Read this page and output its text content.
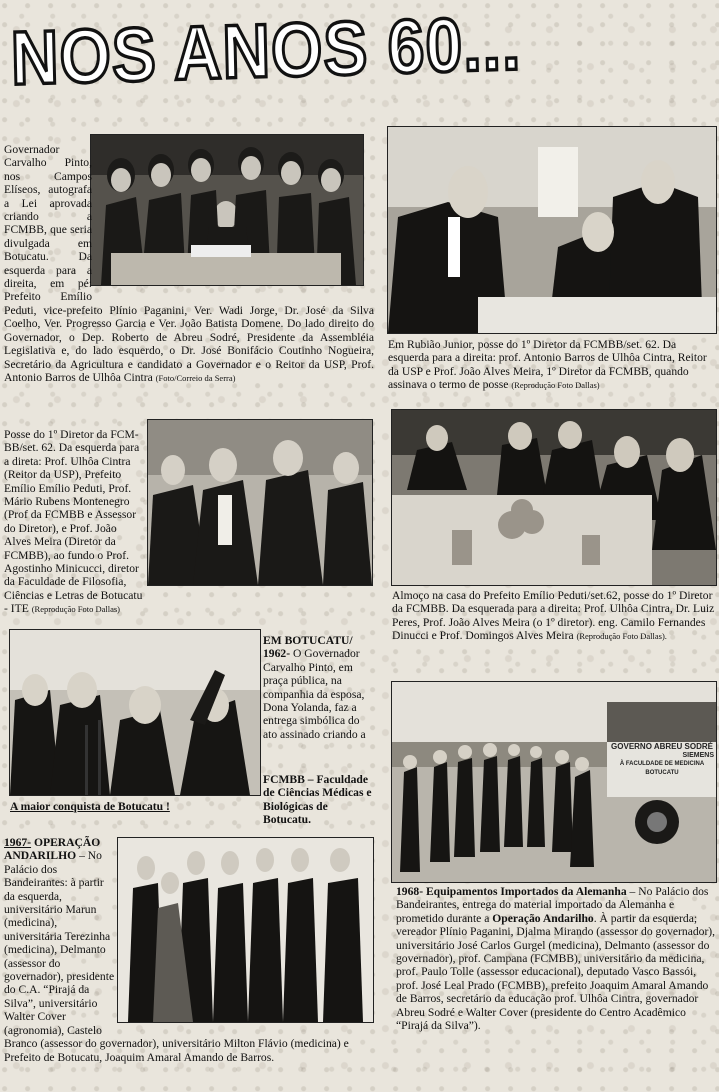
NOS ANOS 60...
GOVERNO ABREU SODRÉ
SIEMENS
À FACULDADE DE MEDICINA
BOTUCATU
Governador Carvalho Pinto, nos Campos Elíseos, autografa a Lei aprovada criando a FCMBB, que seria divulgada em Botucatu. Da esquerda para a direita, em pé: Prefeito Emílio Peduti, vice-prefeito Plínio Paganini, Ver. Wadi Jorge, Dr. José da Silva Coelho, Ver. Progresso Garcia e Ver. João Batista Domene. Do lado direito do Governador, o Dep. Roberto de Abreu Sodré, Presidente da Assembléia Legislativa e, do lado esquerdo, o Dr. José Bonifácio Coutinho Nogueira, Secretário da Agricultura e candidato a Governador e o Reitor da USP, Prof. Antonio Barros de Ulhôa Cintra (Foto/Correio da Serra)
Em Rubião Junior, posse do 1º Diretor da FCMBB/set. 62. Da esquerda para a direita: prof. Antonio Barros de Ulhôa Cintra, Reitor da USP e Prof. João Alves Meira, 1º Diretor da FCMBB, quando assinava o termo de posse (Reprodução Foto Dallas)
Posse do 1º Diretor da FCM-BB/set. 62. Da esquerda para a direta: Prof. Ulhôa Cintra (Reitor da USP), Prefeito Emílio Emílio Peduti, Prof. Mário Rubens Montenegro (Prof da FCMBB e Assessor do Diretor), e Prof. João Alves Meira (Diretor da FCMBB), ao fundo o Prof. Agostinho Minicucci, diretor da Faculdade de Filosofia, Ciências e Letras de Botucatu - ITE (Reprodução Foto Dallas)
Almoço na casa do Prefeito Emílio Peduti/set.62, posse do 1º Diretor da FCMBB. Da esquerada para a direita: Prof. Ulhôa Cintra, Dr. Luiz Peres, Prof. João Alves Meira (o 1º diretor). eng. Camilo Fernandes Dinucci e Prof. Domingos Alves Meira (Reprodução Foto Dallas).
EM BOTUCATU/ 1962- O Governador Carvalho Pinto, em praça pública, na companhia da esposa, Dona Yolanda, faz a entrega simbólica do ato assinado criando a
FCMBB – Faculdade de Ciências Médicas e Biológicas de Botucatu.
A maior conquista de Botucatu !
1967- OPERAÇÃO ANDARILHO – No Palácio dos Bandeirantes: à partir da esquerda, universitário Marun (medicina), universitária Terezinha (medicina), Delmanto (assessor do governador), presidente do C.A. “Pirajá da Silva”, universitário Walter Cover (agronomia), Castelo Branco (assessor do governador), universitário Milton Flávio (medicina) e Prefeito de Botucatu, Joaquim Amaral Amando de Barros.
1968- Equipamentos Importados da Alemanha – No Palácio dos Bandeirantes, entrega do material importado da Alemanha e prometido durante a Operação Andarilho. À partir da esquerda; vereador Plínio Paganini, Djalma Mirando (assessor do governador), universitário José Carlos Gurgel (medicina), Delmanto (assessor do governador), prof. Campana (FCMBB), universitário da medicina, prof. Paulo Tolle (assessor educacional), deputado Vasco Bassói, prof. José Leal Prado (FCMBB), prefeito Joaquim Amaral Amando de Barros, secretário da educação prof. Ulhôa Cintra, governador Abreu Sodré e Walter Cover (presidente do Centro Acadêmico “Pirajá da Silva”).
